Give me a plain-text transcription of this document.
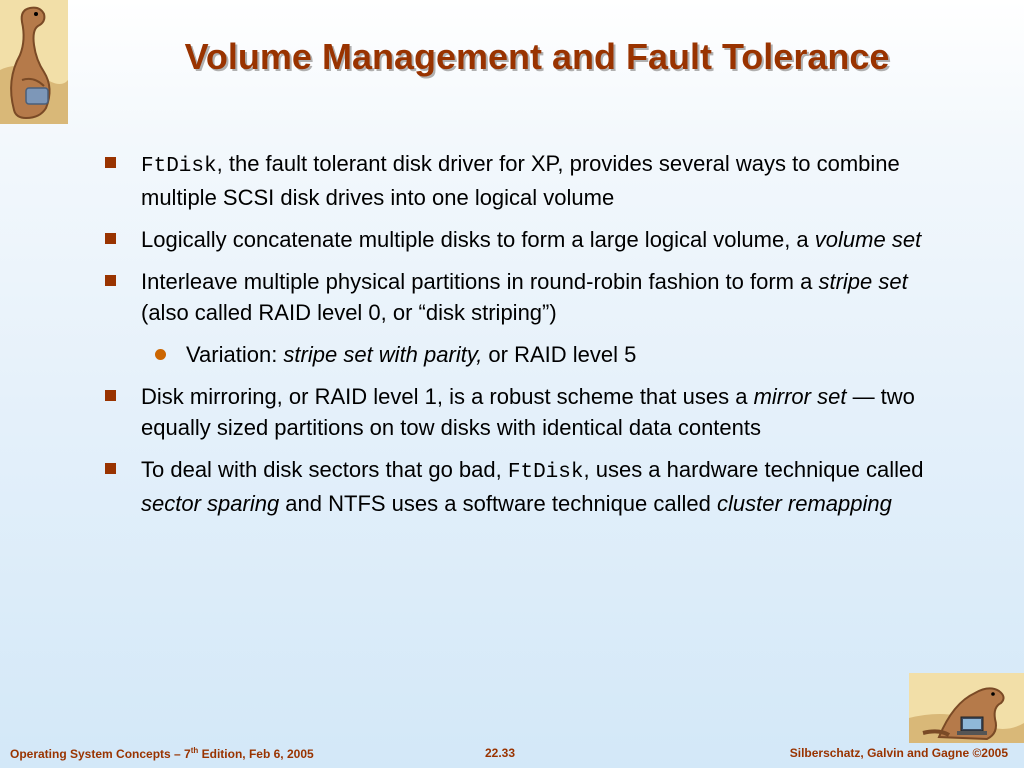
Volume Management and Fault Tolerance
FtDisk, the fault tolerant disk driver for XP, provides several ways to combine multiple SCSI disk drives into one logical volume
Logically concatenate multiple disks to form a large logical volume, a volume set
Interleave multiple physical partitions in round-robin fashion to form a stripe set (also called RAID level 0, or “disk striping”)
Variation: stripe set with parity, or RAID level 5
Disk mirroring, or RAID level 1, is a robust scheme that uses a mirror set — two equally sized partitions on tow disks with identical data contents
To deal with disk sectors that go bad, FtDisk, uses a hardware technique called sector sparing and NTFS uses a software technique called cluster remapping
Operating System Concepts – 7th Edition, Feb 6, 2005	22.33	Silberschatz, Galvin and Gagne ©2005
